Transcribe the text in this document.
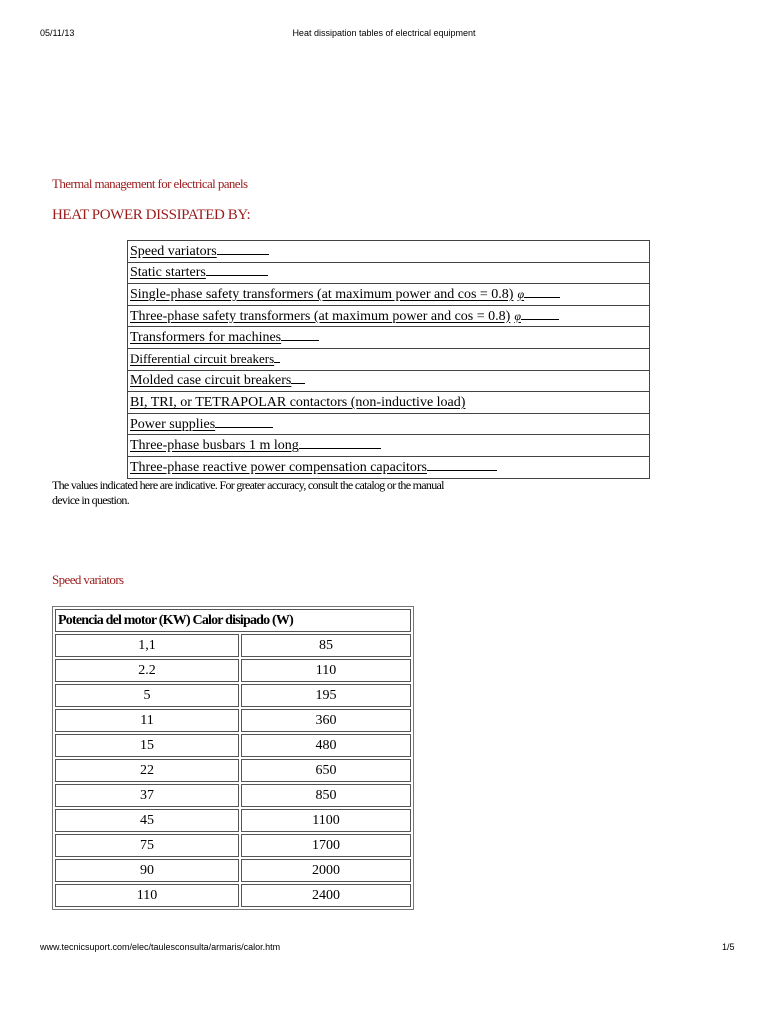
05/11/13	Heat dissipation tables of electrical equipment
Thermal management for electrical panels
HEAT POWER DISSIPATED BY:
Speed variators
Static starters
Single-phase safety transformers (at maximum power and cos = 0.8) φ
Three-phase safety transformers (at maximum power and cos = 0.8) φ
Transformers for machines
Differential circuit breakers
Molded case circuit breakers
BI, TRI, or TETRAPOLAR contactors (non-inductive load)
Power supplies
Three-phase busbars 1 m long
Three-phase reactive power compensation capacitors
The values indicated here are indicative. For greater accuracy, consult the catalog or the manual
device in question.
Speed variators
Potencia del motor (KW) Calor disipado (W)	
1,1	85
2.2	110
5	195
11	360
15	480
22	650
37	850
45	1100
75	1700
90	2000
110	2400
www.tecnicsuport.com/elec/taulesconsulta/armaris/calor.htm	1/5
